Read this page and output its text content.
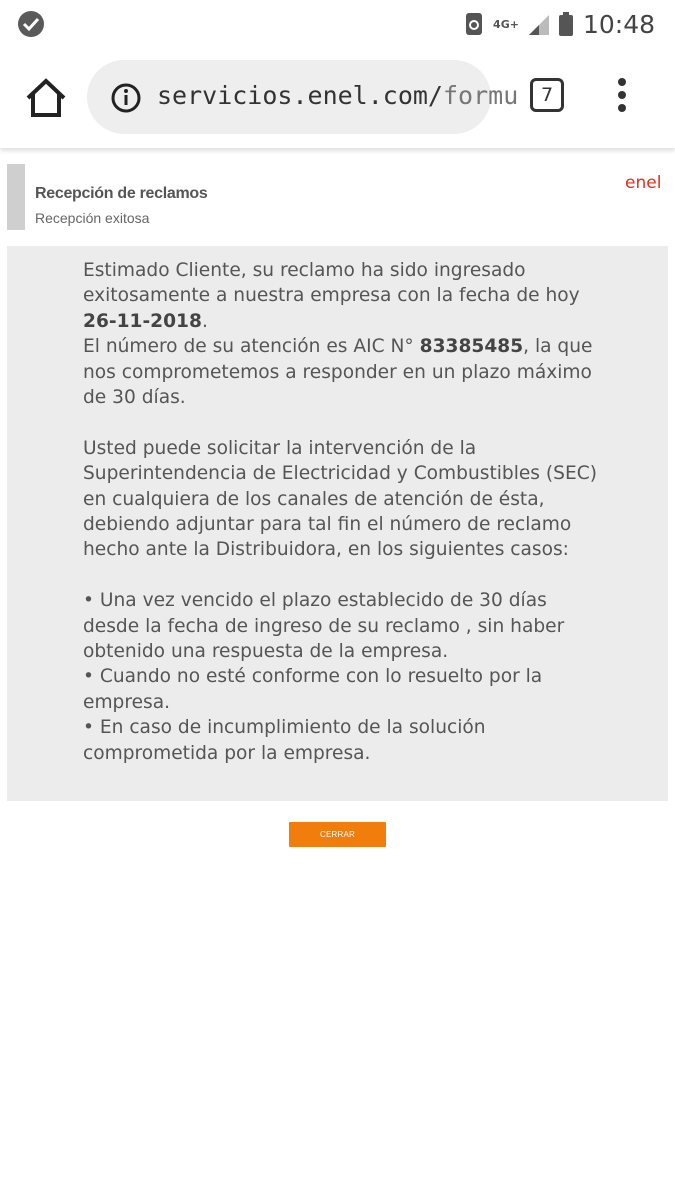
4G+	10:48
servicios.enel.com/formu	7
Recepción de reclamos
Recepción exitosa
enel

Estimado Cliente, su reclamo ha sido ingresado exitosamente a nuestra empresa con la fecha de hoy 26-11-2018.

El número de su atención es AIC N° 83385485, la que nos comprometemos a responder en un plazo máximo de 30 días.

Usted puede solicitar la intervención de la Superintendencia de Electricidad y Combustibles (SEC) en cualquiera de los canales de atención de ésta, debiendo adjuntar para tal fin el número de reclamo hecho ante la Distribuidora, en los siguientes casos:

• Una vez vencido el plazo establecido de 30 días desde la fecha de ingreso de su reclamo , sin haber obtenido una respuesta de la empresa.

• Cuando no esté conforme con lo resuelto por la empresa.

• En caso de incumplimiento de la solución comprometida por la empresa.

CERRAR
